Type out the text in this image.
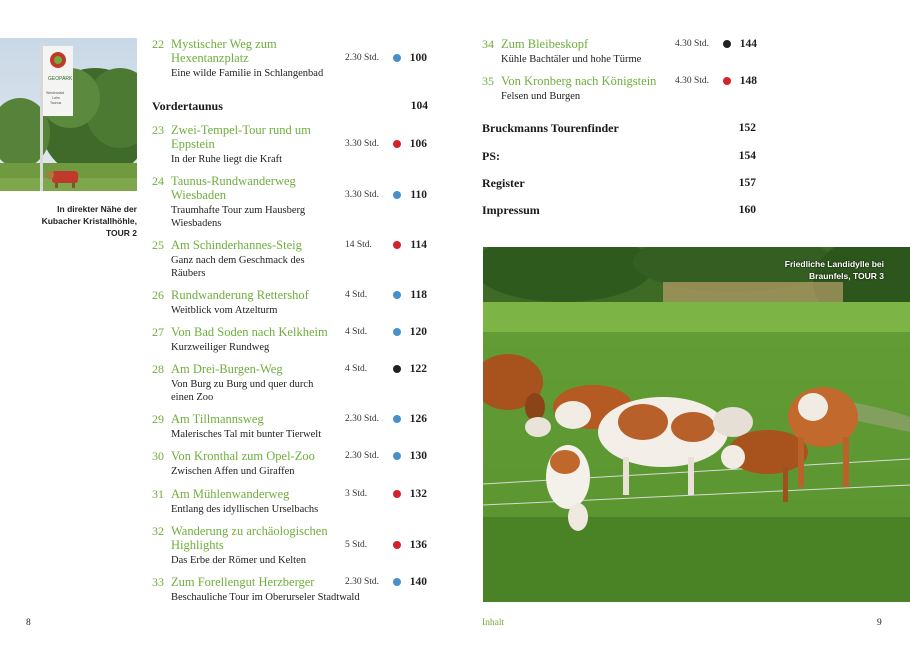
GEOPARK
Westerwald
Lahn
Taunus
In direkter Nähe der
Kubacher Kristallhöhle,
TOUR 2
22 Mystischer Weg zum Hexentanzplatz	2.30 Std.	100
Eine wilde Familie in Schlangenbad
Vordertaunus	104
23 Zwei-Tempel-Tour rund um Eppstein	3.30 Std.	106
In der Ruhe liegt die Kraft
24 Taunus-Rundwanderweg Wiesbaden	3.30 Std.	110
Traumhafte Tour zum Hausberg Wiesbadens
25 Am Schinderhannes-Steig	14 Std.	114
Ganz nach dem Geschmack des Räubers
26 Rundwanderung Rettershof	4 Std.	118
Weitblick vom Atzelturm
27 Von Bad Soden nach Kelkheim	4 Std.	120
Kurzweiliger Rundweg
28 Am Drei-Burgen-Weg	4 Std.	122
Von Burg zu Burg und quer durch einen Zoo
29 Am Tillmannsweg	2.30 Std.	126
Malerisches Tal mit bunter Tierwelt
30 Von Kronthal zum Opel-Zoo	2.30 Std.	130
Zwischen Affen und Giraffen
31 Am Mühlenwanderweg	3 Std.	132
Entlang des idyllischen Urselbachs
32 Wanderung zu archäologischen Highlights	5 Std.	136
Das Erbe der Römer und Kelten
33 Zum Forellengut Herzberger	2.30 Std.	140
Beschauliche Tour im Oberurseler Stadtwald
34 Zum Bleibeskopf	4.30 Std.	144
Kühle Bachtäler und hohe Türme
35 Von Kronberg nach Königstein	4.30 Std.	148
Felsen und Burgen
Bruckmanns Tourenfinder	152
PS:	154
Register	157
Impressum	160
Friedliche Landidylle bei
Braunfels, TOUR 3
8	Inhalt	9
